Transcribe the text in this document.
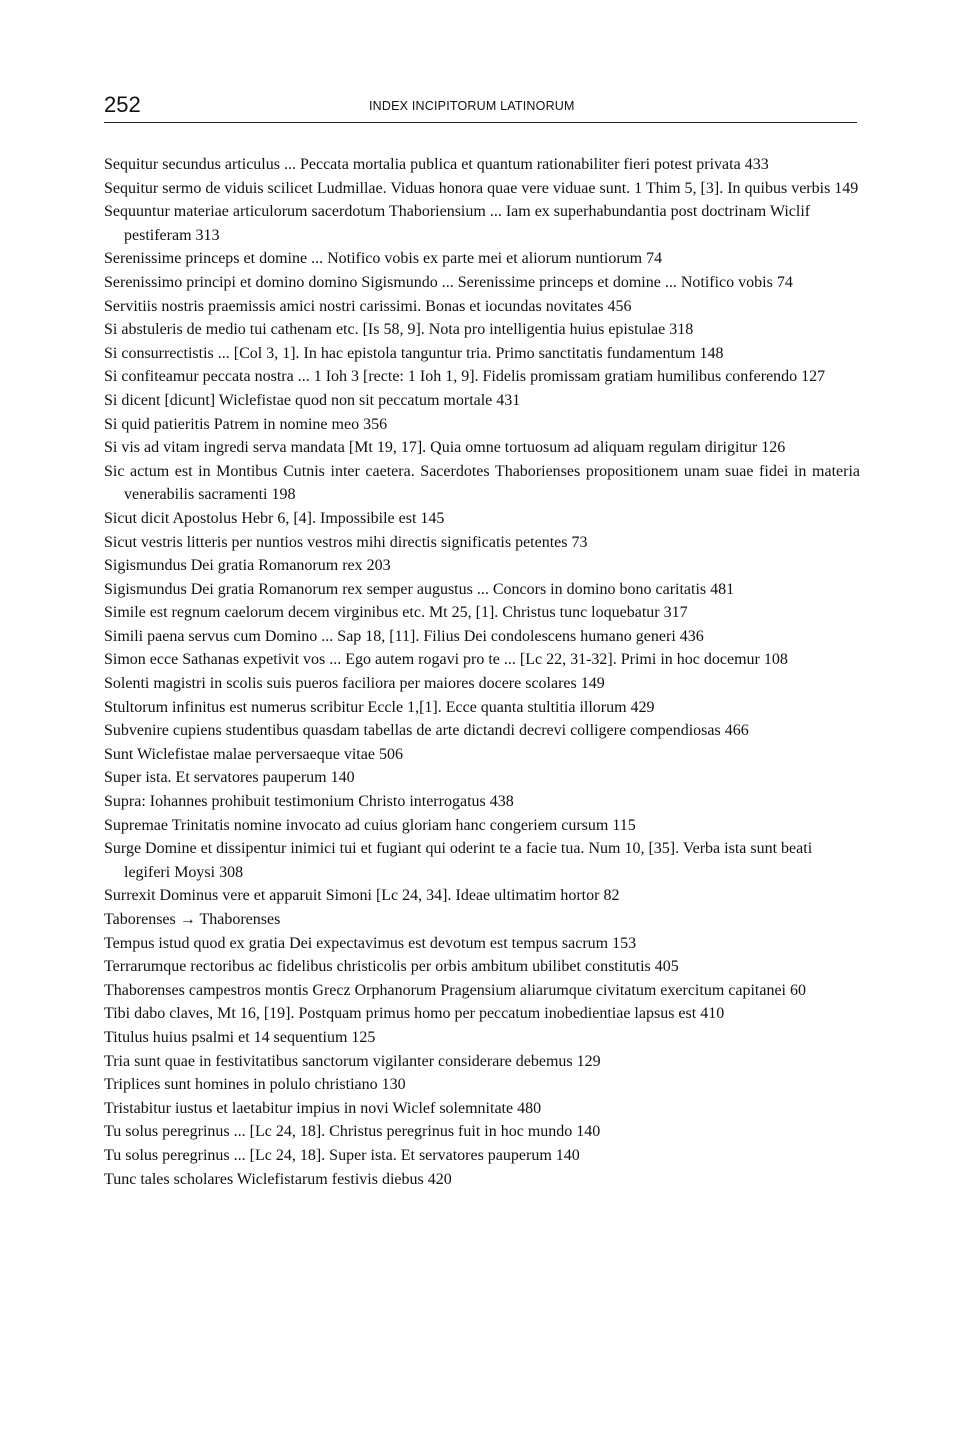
252	INDEX INCIPITORUM LATINORUM
Sequitur secundus articulus ... Peccata mortalia publica et quantum rationabiliter fieri potest privata 433
Sequitur sermo de viduis scilicet Ludmillae. Viduas honora quae vere viduae sunt. 1 Thim 5, [3]. In quibus verbis 149
Sequuntur materiae articulorum sacerdotum Thaboriensium ... Iam ex superhabundantia post doctrinam Wiclif pestiferam 313
Serenissime princeps et domine ... Notifico vobis ex parte mei et aliorum nuntiorum 74
Serenissimo principi et domino domino Sigismundo ... Serenissime princeps et domine ... Notifico vobis 74
Servitiis nostris praemissis amici nostri carissimi. Bonas et iocundas novitates 456
Si abstuleris de medio tui cathenam etc. [Is 58, 9]. Nota pro intelligentia huius epistulae 318
Si consurrectistis ... [Col 3, 1]. In hac epistola tanguntur tria. Primo sanctitatis fundamentum 148
Si confiteamur peccata nostra ... 1 Ioh 3 [recte: 1 Ioh 1, 9]. Fidelis promissam gratiam humilibus conferendo 127
Si dicent [dicunt] Wiclefistae quod non sit peccatum mortale 431
Si quid patieritis Patrem in nomine meo 356
Si vis ad vitam ingredi serva mandata [Mt 19, 17]. Quia omne tortuosum ad aliquam regulam dirigitur 126
Sic actum est in Montibus Cutnis inter caetera. Sacerdotes Thaborienses propositionem unam suae fidei in materia venerabilis sacramenti 198
Sicut dicit Apostolus Hebr 6, [4]. Impossibile est 145
Sicut vestris litteris per nuntios vestros mihi directis significatis petentes 73
Sigismundus Dei gratia Romanorum rex 203
Sigismundus Dei gratia Romanorum rex semper augustus ... Concors in domino bono caritatis 481
Simile est regnum caelorum decem virginibus etc. Mt 25, [1]. Christus tunc loquebatur 317
Simili paena servus cum Domino ... Sap 18, [11]. Filius Dei condolescens humano generi 436
Simon ecce Sathanas expetivit vos ... Ego autem rogavi pro te ... [Lc 22, 31-32]. Primi in hoc docemur 108
Solenti magistri in scolis suis pueros faciliora per maiores docere scolares 149
Stultorum infinitus est numerus scribitur Eccle 1,[1]. Ecce quanta stultitia illorum 429
Subvenire cupiens studentibus quasdam tabellas de arte dictandi decrevi colligere compendiosas 466
Sunt Wiclefistae malae perversaeque vitae 506
Super ista. Et servatores pauperum 140
Supra: Iohannes prohibuit testimonium Christo interrogatus 438
Supremae Trinitatis nomine invocato ad cuius gloriam hanc congeriem cursum 115
Surge Domine et dissipentur inimici tui et fugiant qui oderint te a facie tua. Num 10, [35]. Verba ista sunt beati legiferi Moysi 308
Surrexit Dominus vere et apparuit Simoni [Lc 24, 34]. Ideae ultimatim hortor 82
Taborenses → Thaborenses
Tempus istud quod ex gratia Dei expectavimus est devotum est tempus sacrum 153
Terrarumque rectoribus ac fidelibus christicolis per orbis ambitum ubilibet constitutis 405
Thaborenses campestros montis Grecz Orphanorum Pragensium aliarumque civitatum exercitum capitanei 60
Tibi dabo claves, Mt 16, [19]. Postquam primus homo per peccatum inobedientiae lapsus est 410
Titulus huius psalmi et 14 sequentium 125
Tria sunt quae in festivitatibus sanctorum vigilanter considerare debemus 129
Triplices sunt homines in polulo christiano 130
Tristabitur iustus et laetabitur impius in novi Wiclef solemnitate 480
Tu solus peregrinus ... [Lc 24, 18]. Christus peregrinus fuit in hoc mundo 140
Tu solus peregrinus ... [Lc 24, 18]. Super ista. Et servatores pauperum 140
Tunc tales scholares Wiclefistarum festivis diebus 420
